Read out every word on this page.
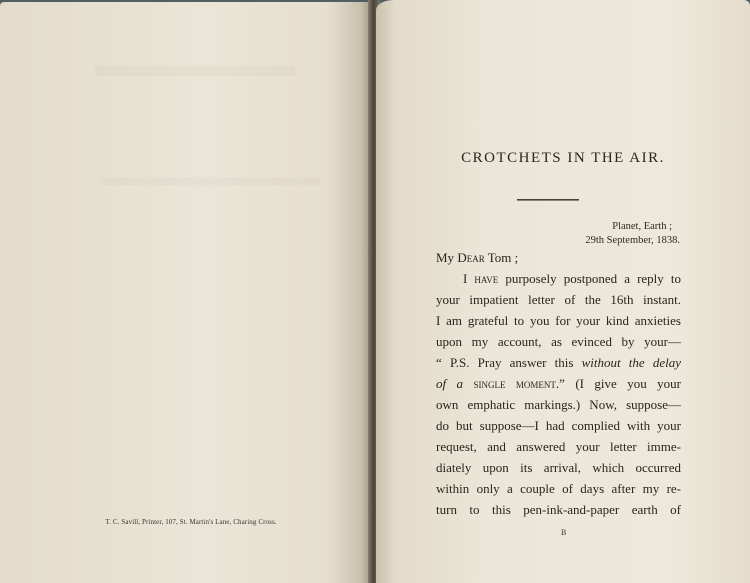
T. C. Savill, Printer, 107, St. Martin's Lane, Charing Cross.
CROTCHETS IN THE AIR.
Planet, Earth ;
29th September, 1838.
My Dear Tom ;
I have purposely postponed a reply to
your impatient letter of the 16th instant.
I am grateful to you for your kind anxieties
upon my account, as evinced by your—
“ P.S. Pray answer this without the delay
of a single moment.” (I give you your
own emphatic markings.) Now, suppose—
do but suppose—I had complied with your
request, and answered your letter imme-
diately upon its arrival, which occurred
within only a couple of days after my re-
turn to this pen-ink-and-paper earth of
B
